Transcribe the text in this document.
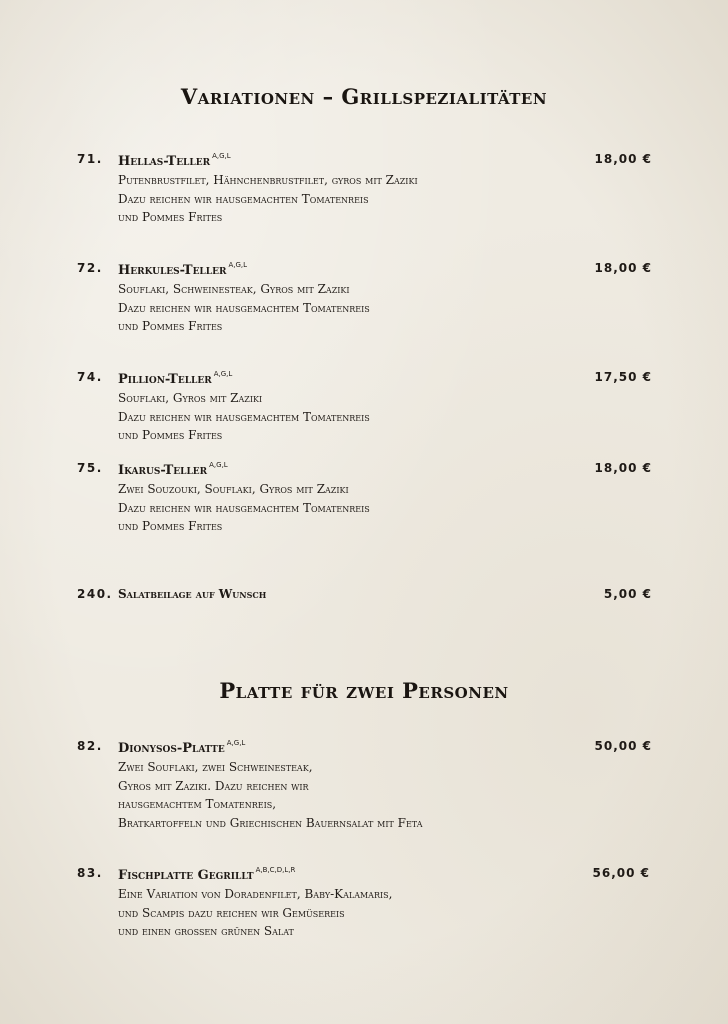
Variationen – Grillspezialitäten
71. Hellas-Teller $^{A,G,L}$	18,00 €
Putenbrustfilet, Hähnchenbrustfilet, gyros mit Zaziki
Dazu reichen wir hausgemachten Tomatenreis
und Pommes Frites
72. Herkules-Teller $^{A,G,L}$	18,00 €
Souflaki, Schweinesteak, Gyros mit Zaziki
Dazu reichen wir hausgemachtem Tomatenreis
und Pommes Frites
74. Pillion-Teller $^{A,G,L}$	17,50 €
Souflaki, Gyros mit Zaziki
Dazu reichen wir hausgemachtem Tomatenreis
und Pommes Frites
75. Ikarus-Teller $^{A,G,L}$	18,00 €
Zwei Souzouki, Souflaki, Gyros mit Zaziki
Dazu reichen wir hausgemachtem Tomatenreis
und Pommes Frites
240. Salatbeilage auf Wunsch	5,00 €
Platte für zwei Personen
82. Dionysos-Platte $^{A,G,L}$	50,00 €
Zwei Souflaki, zwei Schweinesteak,
Gyros mit Zaziki. Dazu reichen wir
hausgemachtem Tomatenreis,
Bratkartoffeln und Griechischen Bauernsalat mit Feta
83. Fischplatte Gegrillt $^{A,B,C,D,L,R}$	56,00 €
Eine Variation von Doradenfilet, Baby-Kalamaris,
und Scampis dazu reichen wir Gemüsereis
und einen grossen grünen Salat
